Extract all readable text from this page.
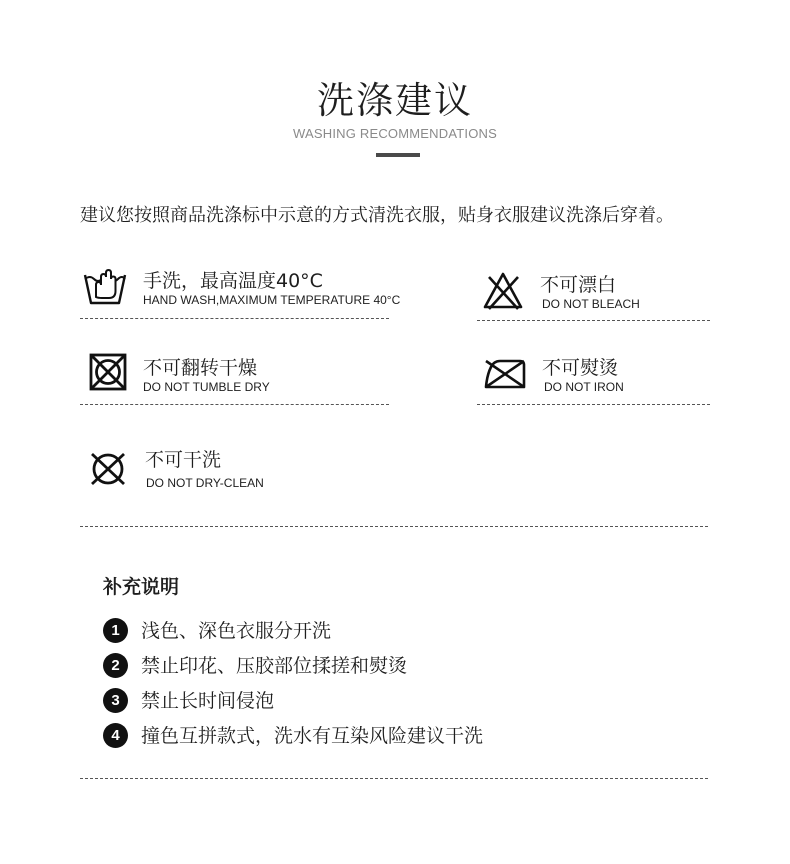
洗涤建议
WASHING RECOMMENDATIONS
建议您按照商品洗涤标中示意的方式清洗衣服，贴身衣服建议洗涤后穿着。
手洗，最高温度40°C
HAND WASH,MAXIMUM TEMPERATURE 40°C
不可漂白
DO NOT BLEACH
不可翻转干燥
DO NOT TUMBLE DRY
不可熨烫
DO NOT IRON
不可干洗
DO NOT DRY-CLEAN
补充说明
1	浅色、深色衣服分开洗
2	禁止印花、压胶部位揉搓和熨烫
3	禁止长时间侵泡
4	撞色互拼款式，洗水有互染风险建议干洗
